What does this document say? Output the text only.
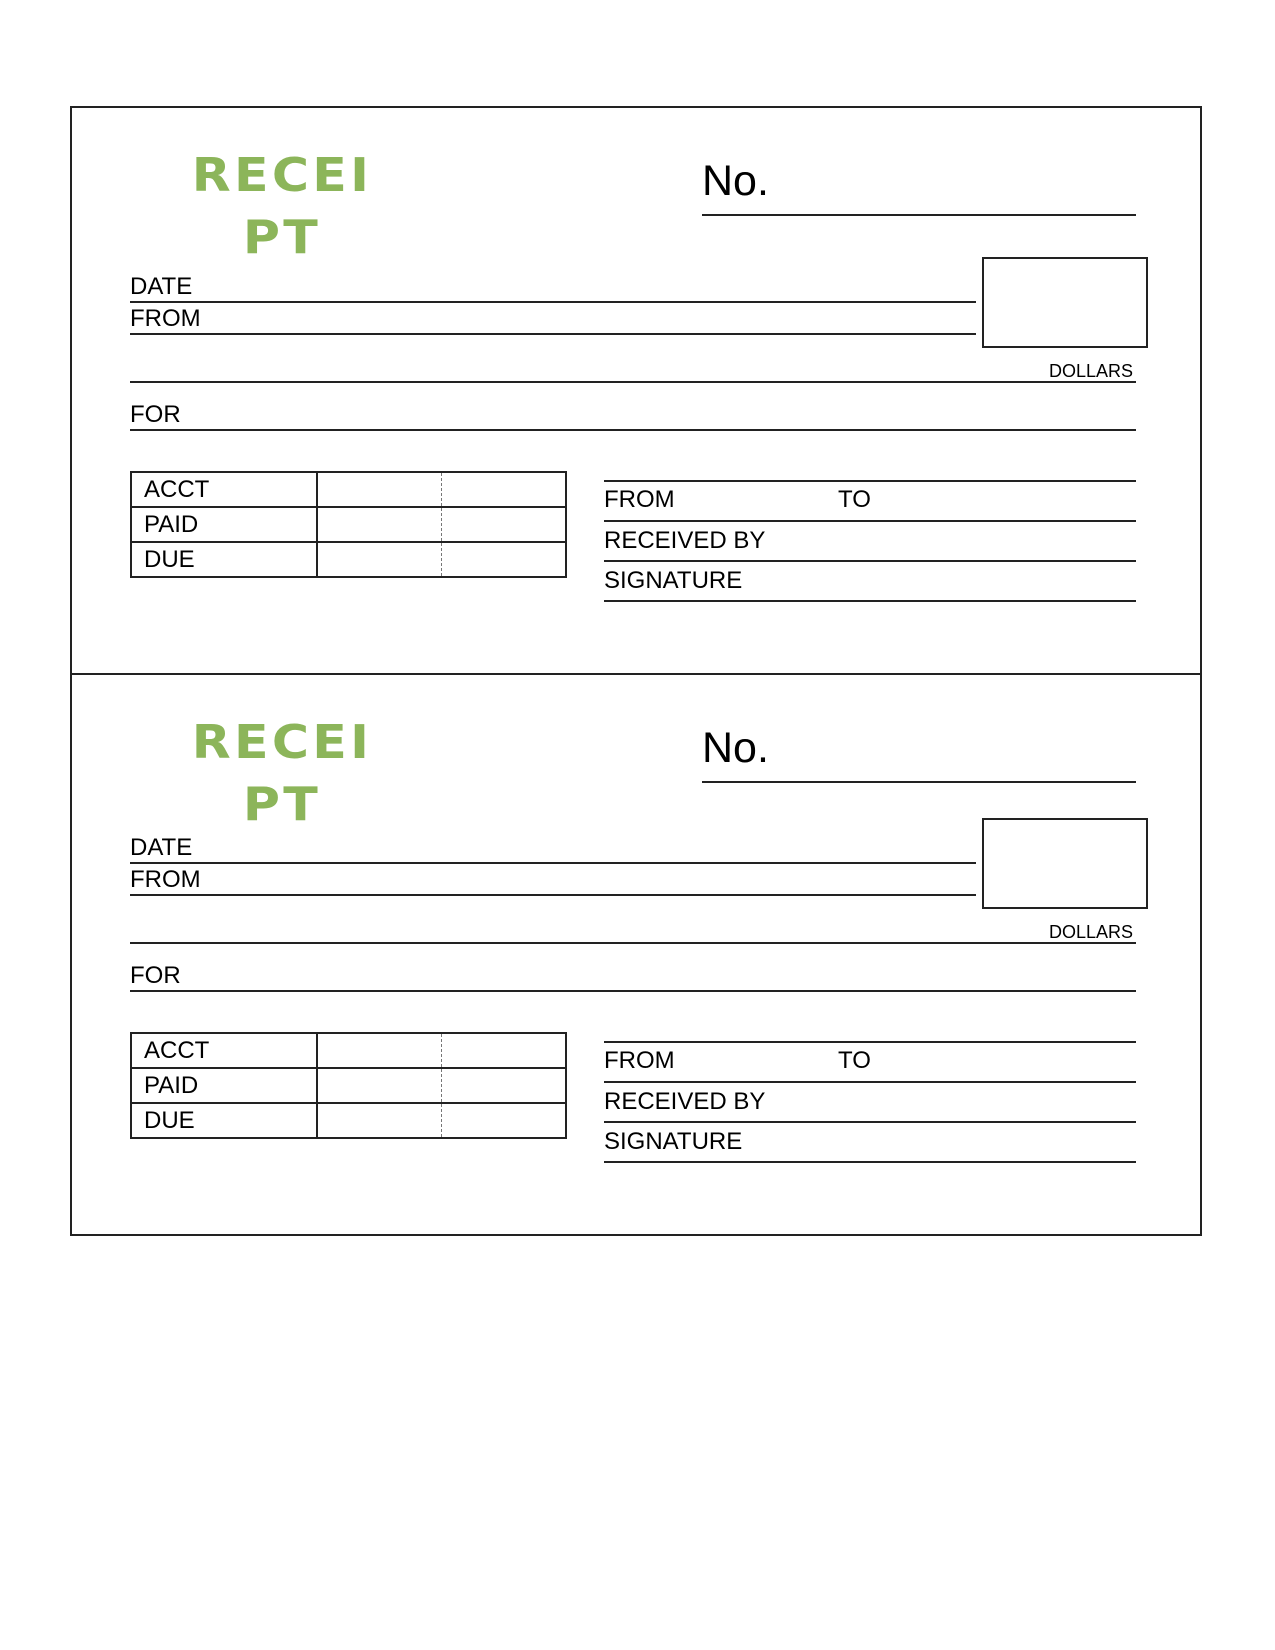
RECEI
PT
No.
DATE
FROM
DOLLARS
FOR
ACCT		
PAID		
DUE		
FROM	TO
RECEIVED BY
SIGNATURE
RECEI
PT
No.
DATE
FROM
DOLLARS
FOR
ACCT		
PAID		
DUE		
FROM	TO
RECEIVED BY
SIGNATURE
